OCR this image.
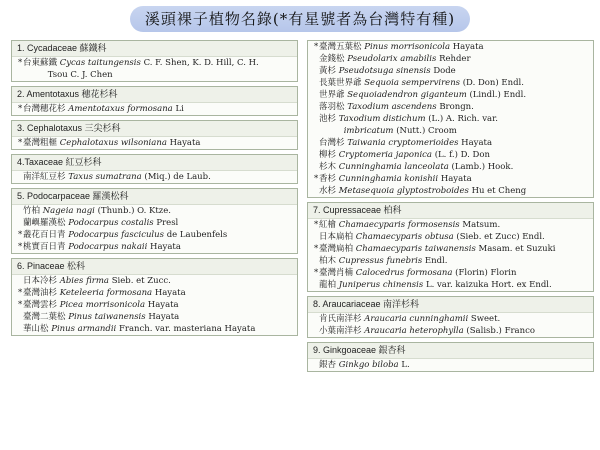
溪頭裸子植物名錄(*有星號者為台灣特有種)
1. Cycadaceae 蘇鐵科
*台東蘇鐵 Cycas taitungensis C. F. Shen, K. D. Hill, C. H.
Tsou C. J. Chen
2. Amentotaxus 穗花杉科
*台灣穗花杉 Amentotaxus formosana Li
3. Cephalotaxus 三尖杉科
*臺灣粗榧 Cephalotaxus wilsoniana Hayata
4.Taxaceae 紅豆杉科
南洋紅豆杉 Taxus sumatrana (Miq.) de Laub.
5. Podocarpaceae 羅漢松科
竹柏 Nageia nagi (Thunb.) O. Ktze.
蘭嶼羅漢松 Podocarpus costalis Presl
*叢花百日青 Podocarpus fasciculus de Laubenfels
*桃實百日青 Podocarpus nakaii Hayata
6. Pinaceae 松科
日本冷杉 Abies firma Sieb. et Zucc.
*臺灣油杉 Keteleeria formosana Hayata
*臺灣雲杉 Picea morrisonicola Hayata
臺灣二葉松 Pinus taiwanensis Hayata
華山松 Pinus armandii Franch. var. masteriana Hayata
*臺灣五葉松 Pinus morrisonicola Hayata
金錢松 Pseudolarix amabilis Rehder
黃杉 Pseudotsuga sinensis Dode
長葉世界爺 Sequoia sempervirens (D. Don) Endl.
世界爺 Sequoiadendron giganteum (Lindl.) Endl.
落羽松 Taxodium ascendens Brongn.
池杉 Taxodium distichum (L.) A. Rich. var.
imbricatum (Nutt.) Croom
台灣杉 Taiwania cryptomerioides Hayata
柳杉 Cryptomeria japonica (L. f.) D. Don
杉木 Cunninghamia lanceolata (Lamb.) Hook.
*香杉 Cunninghamia konishii Hayata
水杉 Metasequoia glyptostroboides Hu et Cheng
7. Cupressaceae 柏科
*紅檜 Chamaecyparis formosensis Matsum.
日本扁柏 Chamaecyparis obtusa (Sieb. et Zucc) Endl.
*臺灣扁柏 Chamaecyparis taiwanensis Masam. et Suzuki
柏木 Cupressus funebris Endl.
*臺灣肖楠 Calocedrus formosana (Florin) Florin
龍柏 Juniperus chinensis L. var. kaizuka Hort. ex Endl.
8. Araucariaceae 南洋杉科
肯氏南洋杉 Araucaria cunninghamii Sweet.
小葉南洋杉 Araucaria heterophylla (Salisb.) Franco
9. Ginkgoaceae 銀杏科
銀杏 Ginkgo biloba L.
